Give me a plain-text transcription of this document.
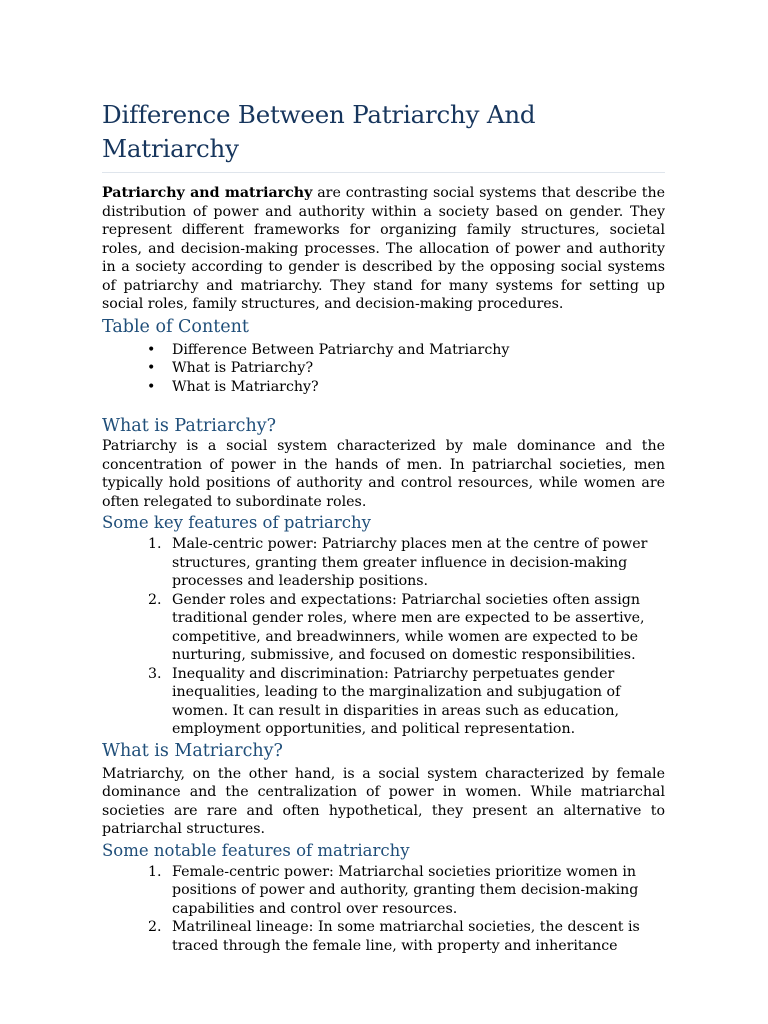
Difference Between Patriarchy And Matriarchy

Patriarchy and matriarchy are contrasting social systems that describe the distribution of power and authority within a society based on gender. They represent different frameworks for organizing family structures, societal roles, and decision-making processes. The allocation of power and authority in a society according to gender is described by the opposing social systems of patriarchy and matriarchy. They stand for many systems for setting up social roles, family structures, and decision-making procedures.

Table of Content
• Difference Between Patriarchy and Matriarchy
• What is Patriarchy?
• What is Matriarchy?
What is Patriarchy?

Patriarchy is a social system characterized by male dominance and the concentration of power in the hands of men. In patriarchal societies, men typically hold positions of authority and control resources, while women are often relegated to subordinate roles.

Some key features of patriarchy
1. Male-centric power: Patriarchy places men at the centre of power structures, granting them greater influence in decision-making processes and leadership positions.
2. Gender roles and expectations: Patriarchal societies often assign traditional gender roles, where men are expected to be assertive, competitive, and breadwinners, while women are expected to be nurturing, submissive, and focused on domestic responsibilities.
3. Inequality and discrimination: Patriarchy perpetuates gender inequalities, leading to the marginalization and subjugation of women. It can result in disparities in areas such as education, employment opportunities, and political representation.
What is Matriarchy?

Matriarchy, on the other hand, is a social system characterized by female dominance and the centralization of power in women. While matriarchal societies are rare and often hypothetical, they present an alternative to patriarchal structures.

Some notable features of matriarchy
1. Female-centric power: Matriarchal societies prioritize women in positions of power and authority, granting them decision-making capabilities and control over resources.
2. Matrilineal lineage: In some matriarchal societies, the descent is traced through the female line, with property and inheritance
